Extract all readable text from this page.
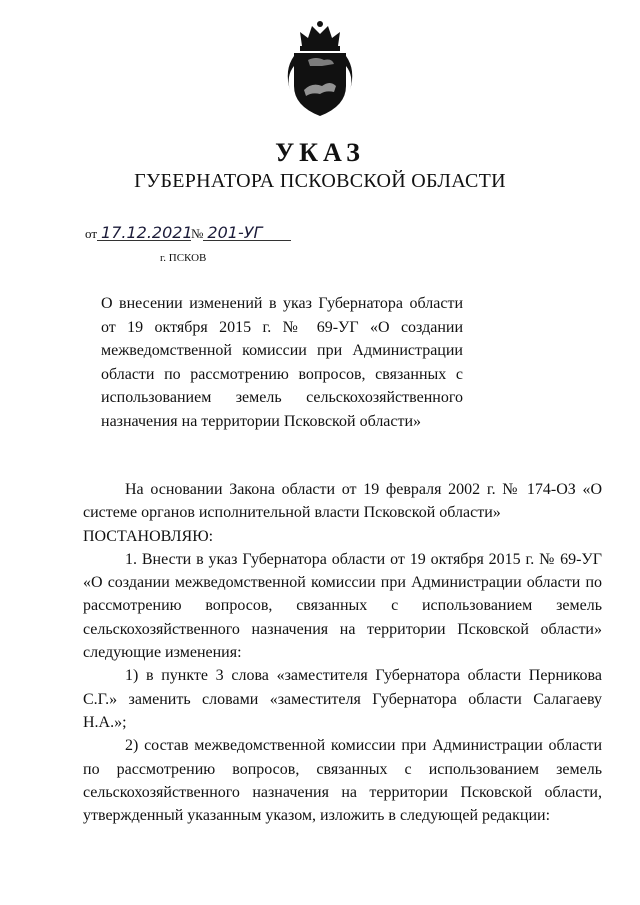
УКАЗ
ГУБЕРНАТОРА ПСКОВСКОЙ ОБЛАСТИ
от 17.12.2021№ 201-УГ
г. ПСКОВ
О внесении изменений в указ Губернатора области от 19 октября 2015 г. № 69-УГ «О создании межведомственной комиссии при Администрации области по рассмотрению вопросов, связанных с использованием земель сельскохозяйственного назначения на территории Псковской области»

На основании Закона области от 19 февраля 2002 г. № 174-ОЗ «О системе органов исполнительной власти Псковской области»

ПОСТАНОВЛЯЮ:

1. Внести в указ Губернатора области от 19 октября 2015 г. № 69-УГ «О создании межведомственной комиссии при Администрации области по рассмотрению вопросов, связанных с использованием земель сельскохозяйственного назначения на территории Псковской области» следующие изменения:

1) в пункте 3 слова «заместителя Губернатора области Перникова С.Г.» заменить словами «заместителя Губернатора области Салагаеву Н.А.»;

2) состав межведомственной комиссии при Администрации области по рассмотрению вопросов, связанных с использованием земель сельскохозяйственного назначения на территории Псковской области, утвержденный указанным указом, изложить в следующей редакции:
